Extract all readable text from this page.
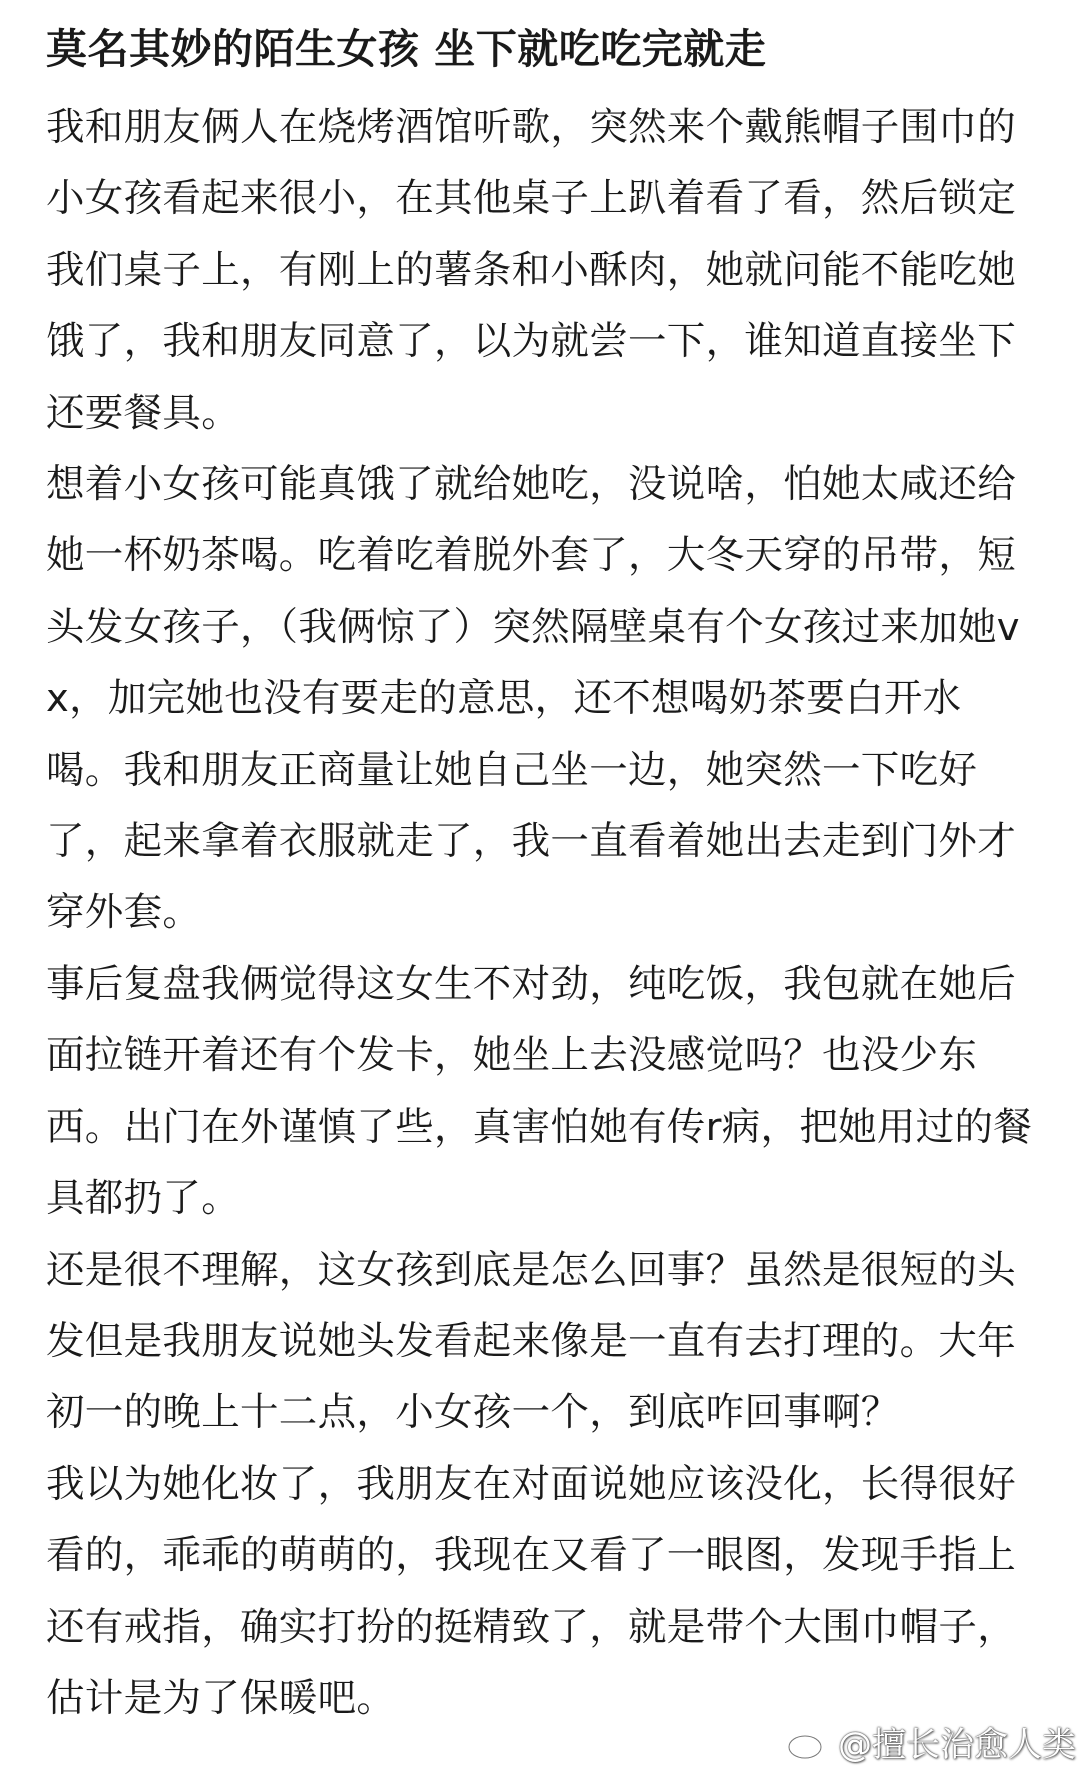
莫名其妙的陌生女孩 坐下就吃吃完就走

我和朋友俩人在烧烤酒馆听歌，突然来个戴熊帽子围巾的小女孩看起来很小，在其他桌子上趴着看了看，然后锁定我们桌子上，有刚上的薯条和小酥肉，她就问能不能吃她饿了，我和朋友同意了，以为就尝一下，谁知道直接坐下还要餐具。

想着小女孩可能真饿了就给她吃，没说啥，怕她太咸还给她一杯奶茶喝。吃着吃着脱外套了，大冬天穿的吊带，短头发女孩子，（我俩惊了）突然隔壁桌有个女孩过来加她vx，加完她也没有要走的意思，还不想喝奶茶要白开水喝。我和朋友正商量让她自己坐一边，她突然一下吃好了，起来拿着衣服就走了，我一直看着她出去走到门外才穿外套。

事后复盘我俩觉得这女生不对劲，纯吃饭，我包就在她后面拉链开着还有个发卡，她坐上去没感觉吗？也没少东西。出门在外谨慎了些，真害怕她有传r病，把她用过的餐具都扔了。

还是很不理解，这女孩到底是怎么回事？虽然是很短的头发但是我朋友说她头发看起来像是一直有去打理的。大年初一的晚上十二点，小女孩一个，到底咋回事啊？

我以为她化妆了，我朋友在对面说她应该没化，长得很好看的，乖乖的萌萌的，我现在又看了一眼图，发现手指上还有戒指，确实打扮的挺精致了，就是带个大围巾帽子，估计是为了保暖吧。

@擅长治愈人类
